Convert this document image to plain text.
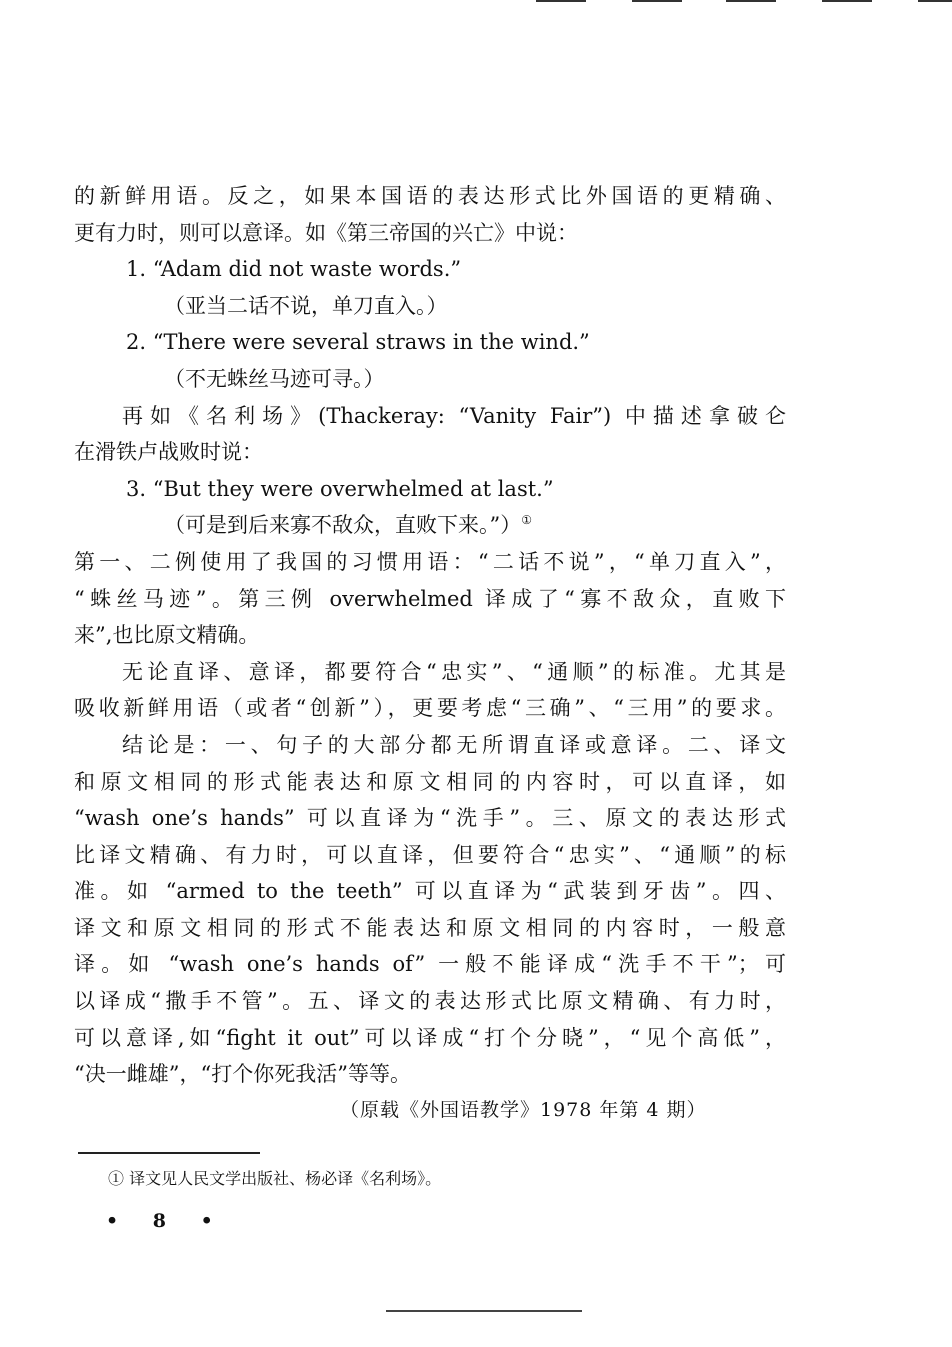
的新鲜用语。反之，如果本国语的表达形式比外国语的更精确、

更有力时，则可以意译。如《第三帝国的兴亡》中说：

1. “Adam did not waste words.”

（亚当二话不说，单刀直入。）

2. “There were several straws in the wind.”

（不无蛛丝马迹可寻。）

再如《名利场》(Thackeray: “Vanity Fair”) 中描述拿破仑

在滑铁卢战败时说：

3. “But they were overwhelmed at last.”

（可是到后来寡不敌众，直败下来。”）①

第一、二例使用了我国的习惯用语：“二话不说”，“单刀直入”，

“蛛丝马迹”。第三例 overwhelmed 译成了“寡不敌众，直败下

来”,也比原文精确。

无论直译、意译，都要符合“忠实”、“通顺”的标准。尤其是

吸收新鲜用语（或者“创新”），更要考虑“三确”、“三用”的要求。

结论是：一、句子的大部分都无所谓直译或意译。二、译文

和原文相同的形式能表达和原文相同的内容时，可以直译，如

“wash one’s hands” 可以直译为“洗手”。三、原文的表达形式

比译文精确、有力时，可以直译，但要符合“忠实”、“通顺”的标

准。如 “armed to the teeth” 可以直译为“武装到牙齿”。四、

译文和原文相同的形式不能表达和原文相同的内容时，一般意

译。如 “wash one’s hands of” 一般不能译成“洗手不干”；可

以译成“撒手不管”。五、译文的表达形式比原文精确、有力时，

可以意译,如“fight it out”可以译成“打个分晓”，“见个高低”，

“决一雌雄”，“打个你死我活”等等。

（原载《外国语教学》1978 年第 4 期）
① 译文见人民文学出版社、杨必译《名利场》。
• 8 •
